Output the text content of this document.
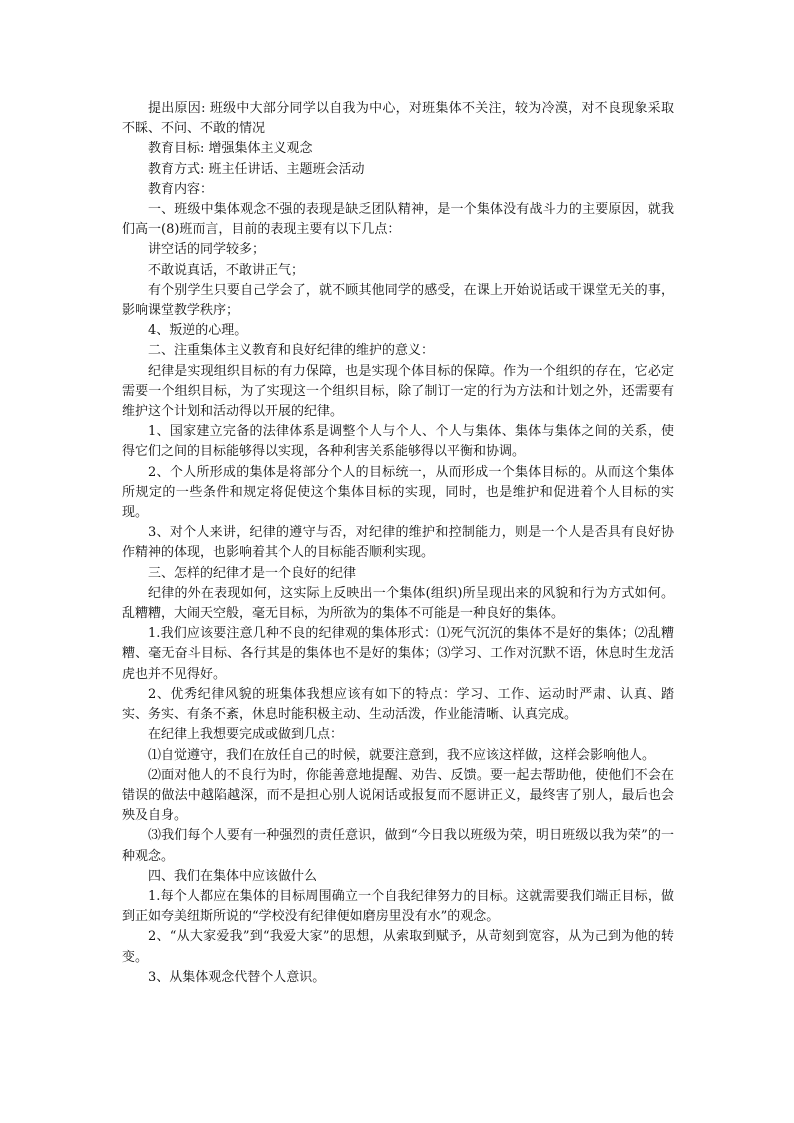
提出原因: 班级中大部分同学以自我为中心，对班集体不关注，较为冷漠，对不良现象采取不睬、不问、不敢的情况

教育目标: 增强集体主义观念

教育方式: 班主任讲话、主题班会活动

教育内容：

一、班级中集体观念不强的表现是缺乏团队精神，是一个集体没有战斗力的主要原因，就我们高一(8)班而言，目前的表现主要有以下几点：

讲空话的同学较多；

不敢说真话，不敢讲正气；

有个别学生只要自己学会了，就不顾其他同学的感受，在课上开始说话或干课堂无关的事，影响课堂教学秩序；

4、叛逆的心理。

二、注重集体主义教育和良好纪律的维护的意义：

纪律是实现组织目标的有力保障，也是实现个体目标的保障。作为一个组织的存在，它必定需要一个组织目标，为了实现这一个组织目标，除了制订一定的行为方法和计划之外，还需要有维护这个计划和活动得以开展的纪律。

1、国家建立完备的法律体系是调整个人与个人、个人与集体、集体与集体之间的关系，使得它们之间的目标能够得以实现，各种利害关系能够得以平衡和协调。

2、个人所形成的集体是将部分个人的目标统一，从而形成一个集体目标的。从而这个集体所规定的一些条件和规定将促使这个集体目标的实现，同时，也是维护和促进着个人目标的实现。

3、对个人来讲，纪律的遵守与否，对纪律的维护和控制能力，则是一个人是否具有良好协作精神的体现，也影响着其个人的目标能否顺利实现。

三、怎样的纪律才是一个良好的纪律

纪律的外在表现如何，这实际上反映出一个集体(组织)所呈现出来的风貌和行为方式如何。乱糟糟，大闹天空般，毫无目标，为所欲为的集体不可能是一种良好的集体。

1.我们应该要注意几种不良的纪律观的集体形式：⑴死气沉沉的集体不是好的集体；⑵乱糟糟、毫无奋斗目标、各行其是的集体也不是好的集体；⑶学习、工作对沉默不语，休息时生龙活虎也并不见得好。

2、优秀纪律风貌的班集体我想应该有如下的特点：学习、工作、运动时严肃、认真、踏实、务实、有条不紊，休息时能积极主动、生动活泼，作业能清晰、认真完成。

在纪律上我想要完成或做到几点：

⑴自觉遵守，我们在放任自己的时候，就要注意到，我不应该这样做，这样会影响他人。

⑵面对他人的不良行为时，你能善意地提醒、劝告、反馈。要一起去帮助他，使他们不会在错误的做法中越陷越深，而不是担心别人说闲话或报复而不愿讲正义，最终害了别人，最后也会殃及自身。

⑶我们每个人要有一种强烈的责任意识，做到“今日我以班级为荣，明日班级以我为荣”的一种观念。

四、我们在集体中应该做什么

1.每个人都应在集体的目标周围确立一个自我纪律努力的目标。这就需要我们端正目标，做到正如夸美纽斯所说的“学校没有纪律便如磨房里没有水”的观念。

2、“从大家爱我”到“我爱大家”的思想，从索取到赋予，从苛刻到宽容，从为己到为他的转变。

3、从集体观念代替个人意识。
